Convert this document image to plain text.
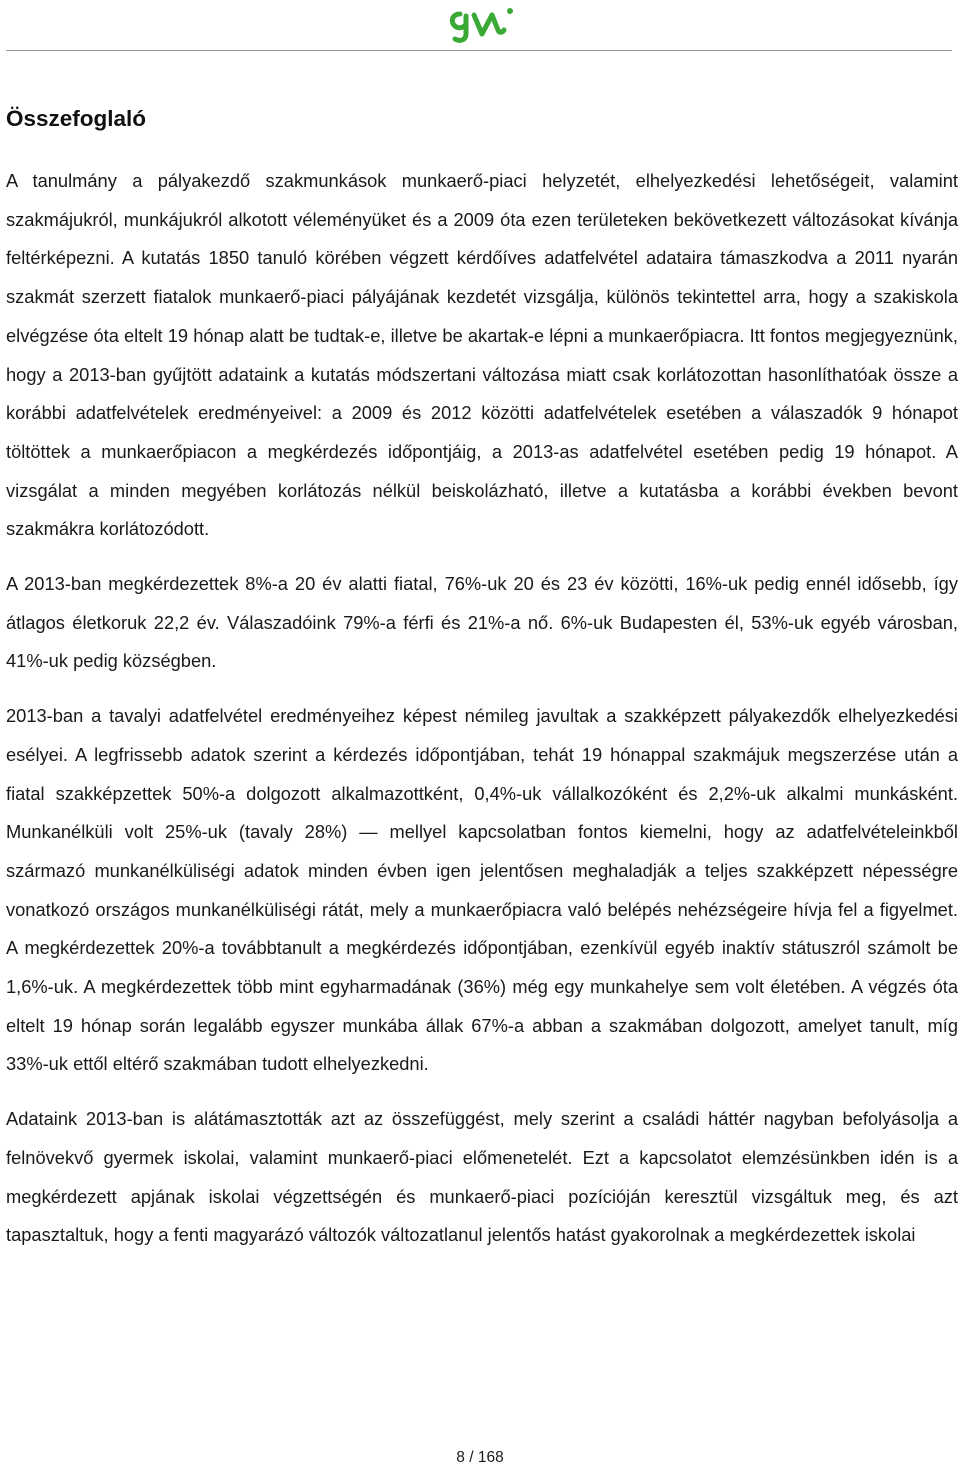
Összefoglaló

A tanulmány a pályakezdő szakmunkások munkaerő-piaci helyzetét, elhelyezkedési lehetőségeit, valamint szakmájukról, munkájukról alkotott véleményüket és a 2009 óta ezen területeken bekövetkezett változásokat kívánja feltérképezni. A kutatás 1850 tanuló körében végzett kérdőíves adatfelvétel adataira támaszkodva a 2011 nyarán szakmát szerzett fiatalok munkaerő-piaci pályájának kezdetét vizsgálja, különös tekintettel arra, hogy a szakiskola elvégzése óta eltelt 19 hónap alatt be tudtak-e, illetve be akartak-e lépni a munkaerőpiacra. Itt fontos megjegyeznünk, hogy a 2013-ban gyűjtött adataink a kutatás módszertani változása miatt csak korlátozottan hasonlíthatóak össze a korábbi adatfelvételek eredményeivel: a 2009 és 2012 közötti adatfelvételek esetében a válaszadók 9 hónapot töltöttek a munkaerőpiacon a megkérdezés időpontjáig, a 2013-as adatfelvétel esetében pedig 19 hónapot. A vizsgálat a minden megyében korlátozás nélkül beiskolázható, illetve a kutatásba a korábbi években bevont szakmákra korlátozódott.

A 2013-ban megkérdezettek 8%-a 20 év alatti fiatal, 76%-uk 20 és 23 év közötti, 16%-uk pedig ennél idősebb, így átlagos életkoruk 22,2 év. Válaszadóink 79%-a férfi és 21%-a nő. 6%-uk Budapesten él, 53%-uk egyéb városban, 41%-uk pedig községben.

2013-ban a tavalyi adatfelvétel eredményeihez képest némileg javultak a szakképzett pályakezdők elhelyezkedési esélyei. A legfrissebb adatok szerint a kérdezés időpontjában, tehát 19 hónappal szakmájuk megszerzése után a fiatal szakképzettek 50%-a dolgozott alkalmazottként, 0,4%-uk vállalkozóként és 2,2%-uk alkalmi munkásként. Munkanélküli volt 25%-uk (tavaly 28%) — mellyel kapcsolatban fontos kiemelni, hogy az adatfelvételeinkből származó munkanélküliségi adatok minden évben igen jelentősen meghaladják a teljes szakképzett népességre vonatkozó országos munkanélküliségi rátát, mely a munkaerőpiacra való belépés nehézségeire hívja fel a figyelmet. A megkérdezettek 20%-a továbbtanult a megkérdezés időpontjában, ezenkívül egyéb inaktív státuszról számolt be 1,6%-uk. A megkérdezettek több mint egyharmadának (36%) még egy munkahelye sem volt életében. A végzés óta eltelt 19 hónap során legalább egyszer munkába állak 67%-a abban a szakmában dolgozott, amelyet tanult, míg 33%-uk ettől eltérő szakmában tudott elhelyezkedni.

Adataink 2013-ban is alátámasztották azt az összefüggést, mely szerint a családi háttér nagyban befolyásolja a felnövekvő gyermek iskolai, valamint munkaerő-piaci előmenetelét. Ezt a kapcsolatot elemzésünkben idén is a megkérdezett apjának iskolai végzettségén és munkaerő-piaci pozícióján keresztül vizsgáltuk meg, és azt tapasztaltuk, hogy a fenti magyarázó változók változatlanul jelentős hatást gyakorolnak a megkérdezettek iskolai

8 / 168
